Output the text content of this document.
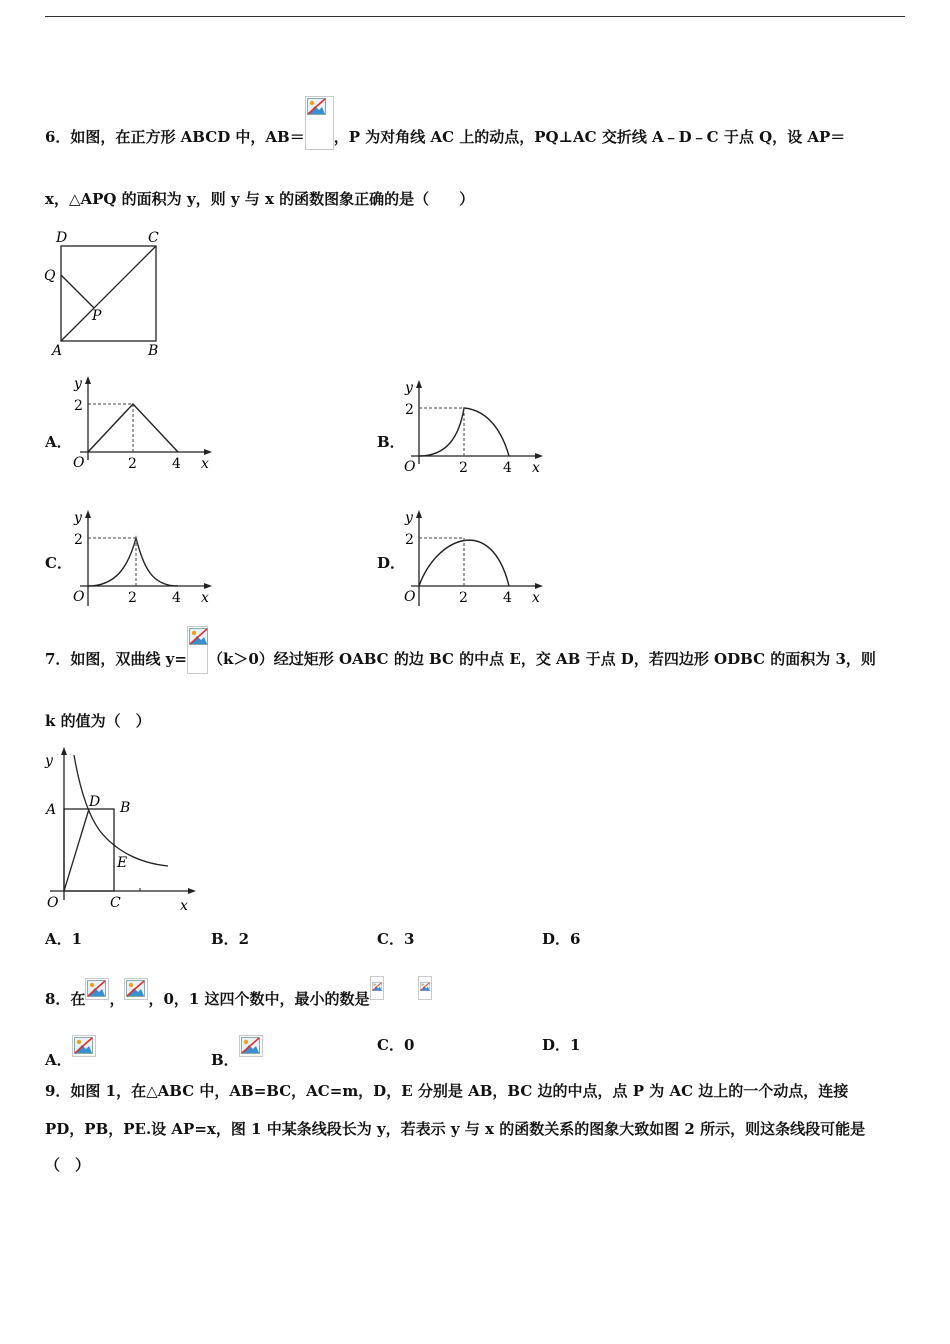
6．如图，在正方形 ABCD 中，AB＝ ，P 为对角线 AC 上的动点，PQ⊥AC 交折线 A﹣D﹣C 于点 Q，设 AP＝
x，△APQ 的面积为 y，则 y 与 x 的函数图象正确的是（　　）
D	C
Q
P
A	B
A．	B．
C．	D．
y
2
O	2	4 x
y
2
O	2	4 x
y
2
O	2	4 x
y
2
O	2	4 x
7．如图，双曲线 y= （k＞0）经过矩形 OABC 的边 BC 的中点 E，交 AB 于点 D，若四边形 ODBC 的面积为 3，则
k 的值为（　）
y
A D B
E
O	C	x
A．1	B．2	C．3	D．6
8．在 ， ，0，1 这四个数中，最小的数是
A．	B．
C．0	D．1
9．如图 1，在△ABC 中，AB=BC，AC=m，D，E 分别是 AB，BC 边的中点，点 P 为 AC 边上的一个动点，连接
PD，PB，PE.设 AP=x，图 1 中某条线段长为 y，若表示 y 与 x 的函数关系的图象大致如图 2 所示，则这条线段可能是
（　）
